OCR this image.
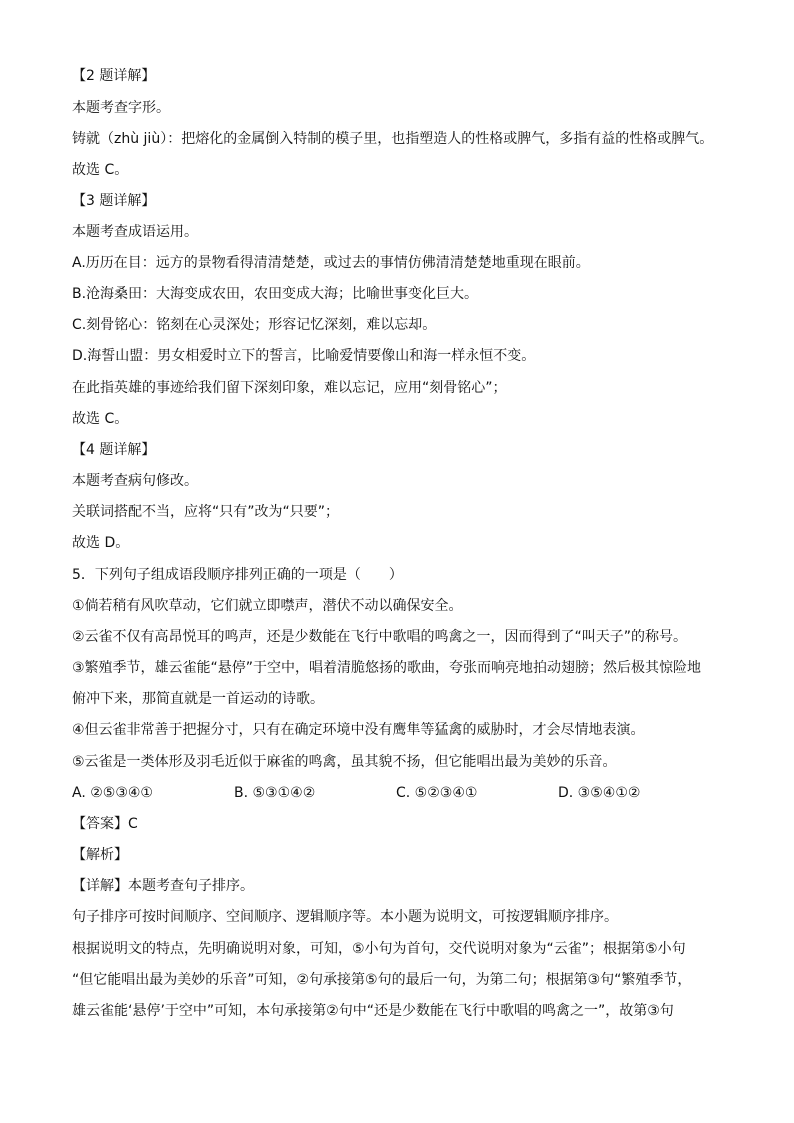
【2 题详解】
本题考查字形。
铸就（zhù jiù）：把熔化的金属倒入特制的模子里，也指塑造人的性格或脾气，多指有益的性格或脾气。
故选 C。
【3 题详解】
本题考查成语运用。
A.历历在目：远方的景物看得清清楚楚，或过去的事情仿佛清清楚楚地重现在眼前。
B.沧海桑田：大海变成农田，农田变成大海；比喻世事变化巨大。
C.刻骨铭心：铭刻在心灵深处；形容记忆深刻，难以忘却。
D.海誓山盟：男女相爱时立下的誓言，比喻爱情要像山和海一样永恒不变。
在此指英雄的事迹给我们留下深刻印象，难以忘记，应用“刻骨铭心”；
故选 C。
【4 题详解】
本题考查病句修改。
关联词搭配不当，应将“只有”改为“只要”；
故选 D。
5．下列句子组成语段顺序排列正确的一项是（　　）
①倘若稍有风吹草动，它们就立即噤声，潜伏不动以确保安全。
②云雀不仅有高昂悦耳的鸣声，还是少数能在飞行中歌唱的鸣禽之一，因而得到了“叫天子”的称号。
③繁殖季节，雄云雀能“悬停”于空中，唱着清脆悠扬的歌曲，夸张而响亮地拍动翅膀；然后极其惊险地
俯冲下来，那简直就是一首运动的诗歌。
④但云雀非常善于把握分寸，只有在确定环境中没有鹰隼等猛禽的威胁时，才会尽情地表演。
⑤云雀是一类体形及羽毛近似于麻雀的鸣禽，虽其貌不扬，但它能唱出最为美妙的乐音。
A. ②⑤③④①	B. ⑤③①④②	C. ⑤②③④①	D. ③⑤④①②
【答案】C
【解析】
【详解】本题考查句子排序。
句子排序可按时间顺序、空间顺序、逻辑顺序等。本小题为说明文，可按逻辑顺序排序。
根据说明文的特点，先明确说明对象，可知，⑤小句为首句，交代说明对象为“云雀”；根据第⑤小句
“但它能唱出最为美妙的乐音”可知，②句承接第⑤句的最后一句，为第二句；根据第③句“繁殖季节，
雄云雀能‘悬停’于空中”可知，本句承接第②句中“还是少数能在飞行中歌唱的鸣禽之一”，故第③句
